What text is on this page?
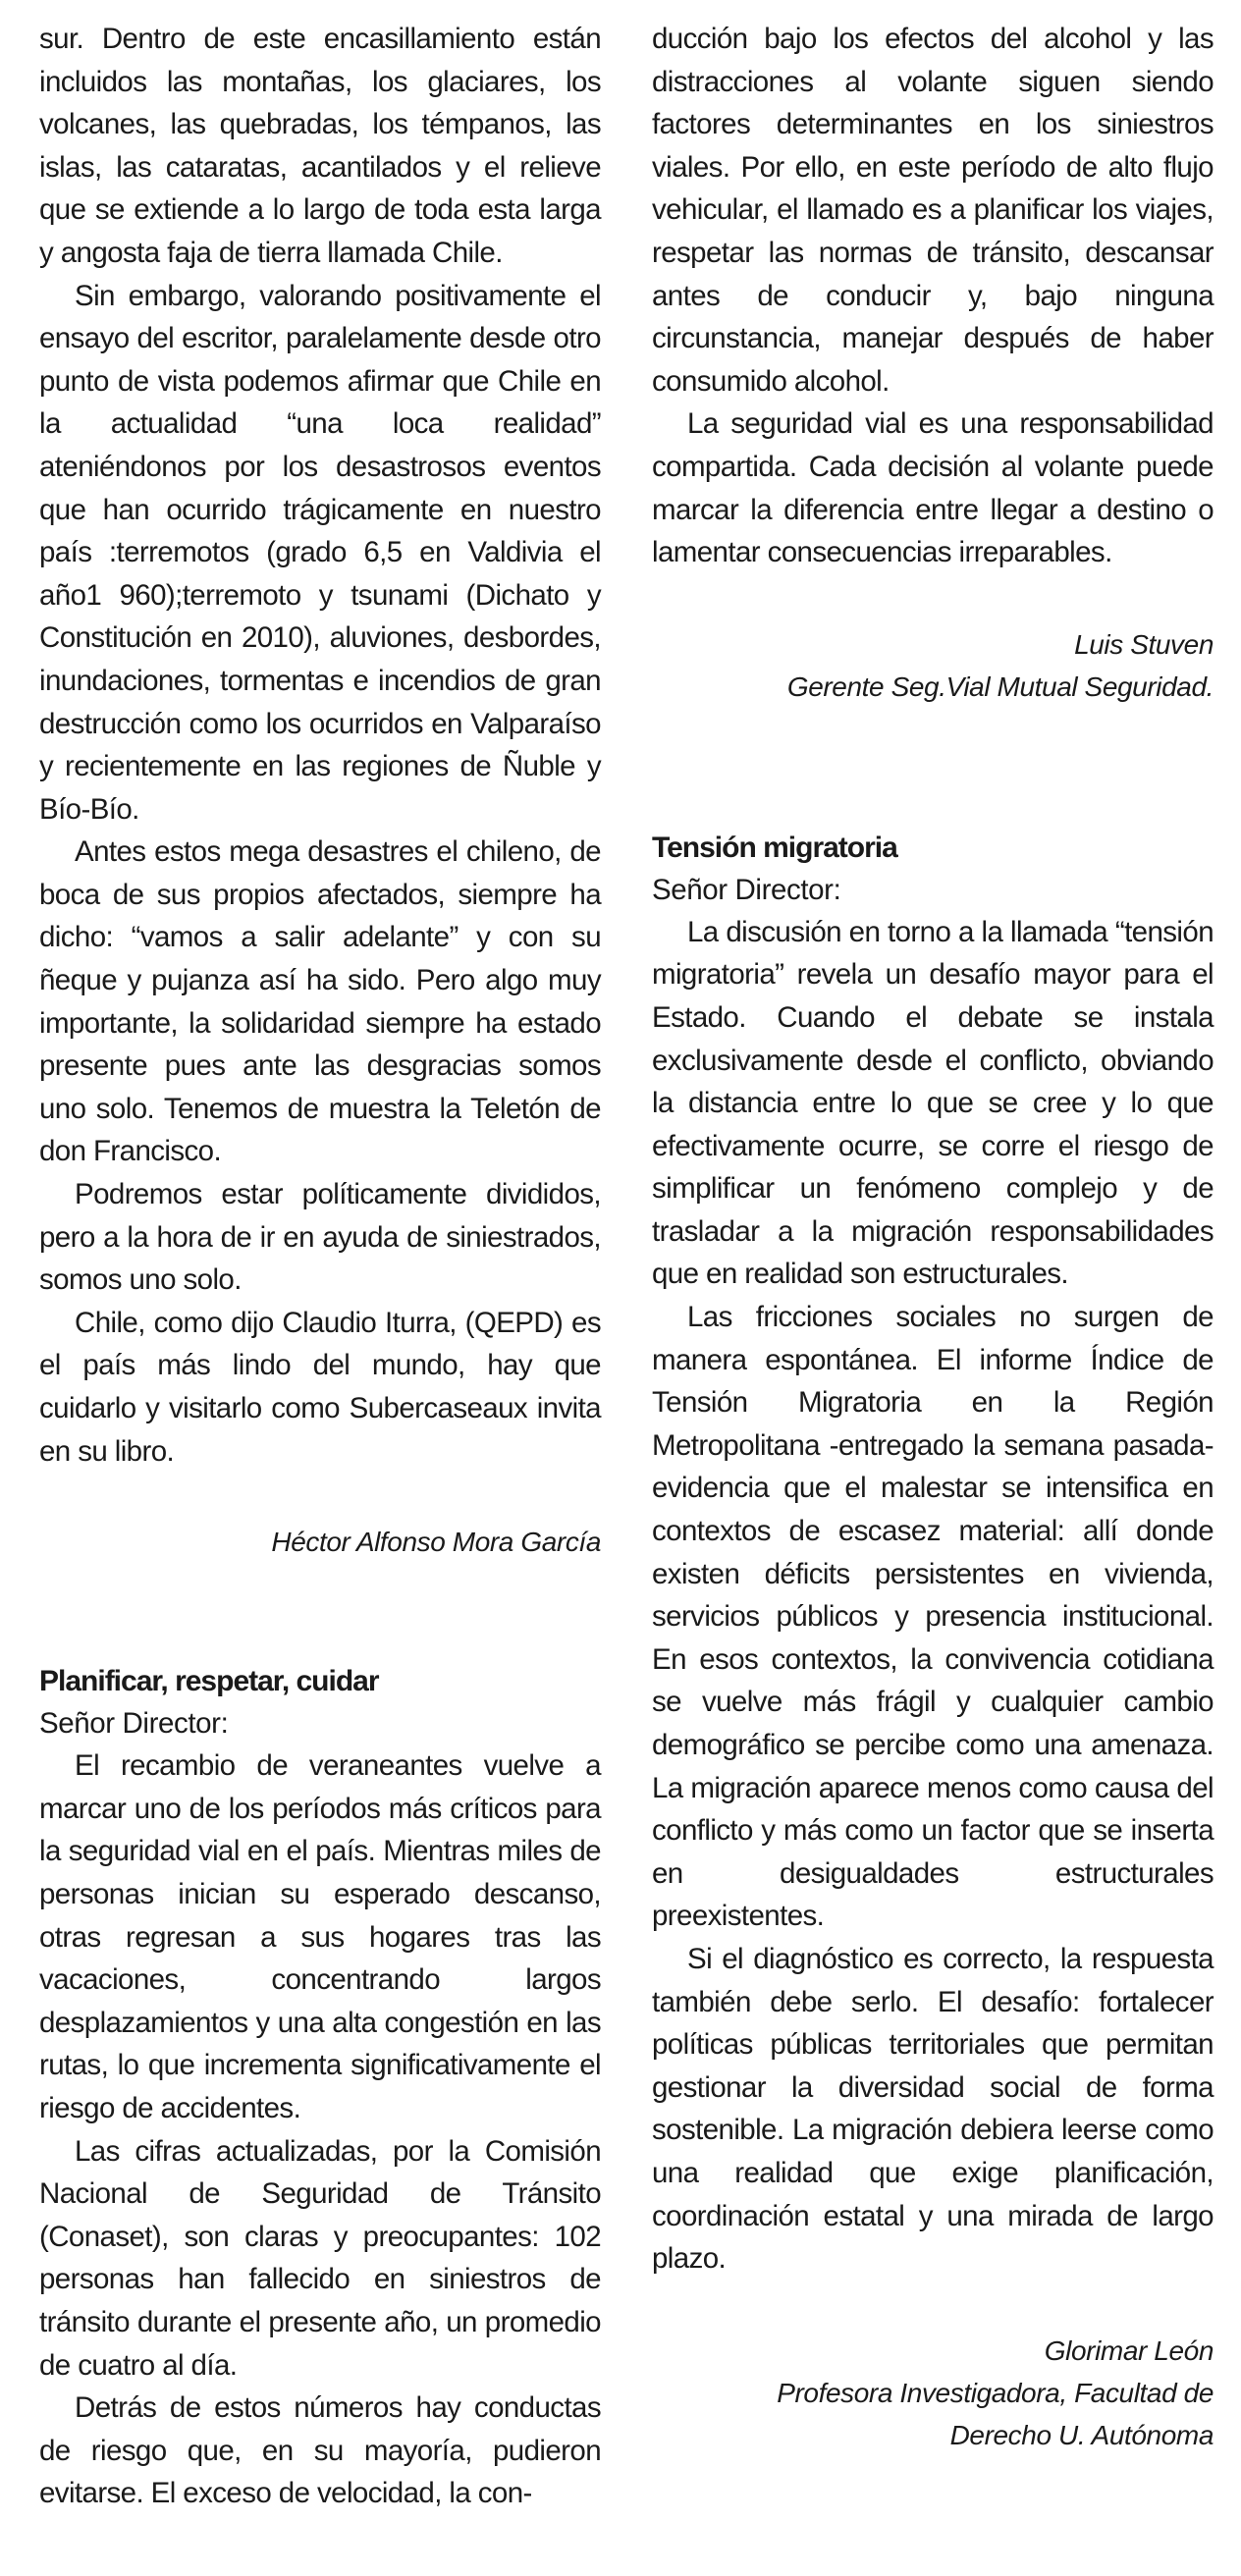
sur. Dentro de este encasillamiento están incluidos las montañas, los glaciares, los volcanes, las quebradas, los témpanos, las islas, las cataratas, acantilados y el relieve que se extiende a lo largo de toda esta larga y angosta faja de tierra llamada Chile.

Sin embargo, valorando positivamente el ensayo del escritor, paralelamente desde otro punto de vista podemos afirmar que Chile en la actualidad “una loca realidad” ateniéndonos por los desastrosos eventos que han ocurrido trágicamente en nuestro país :terremotos (grado 6,5 en Valdivia el año1 960);terremoto y tsunami (Dichato y Constitución en 2010), aluviones, desbordes, inundaciones, tormentas e incendios de gran destrucción como los ocurridos en Valparaíso y recientemente en las regiones de Ñuble y Bío-Bío.

Antes estos mega desastres el chileno, de boca de sus propios afectados, siempre ha dicho: “vamos a salir adelante” y con su ñeque y pujanza así ha sido. Pero algo muy importante, la solidaridad siempre ha estado presente pues ante las desgracias somos uno solo. Tenemos de muestra la Teletón de don Francisco.

Podremos estar políticamente divididos, pero a la hora de ir en ayuda de siniestrados, somos uno solo.

Chile, como dijo Claudio Iturra, (QEPD) es el país más lindo del mundo, hay que cuidarlo y visitarlo como Subercaseaux invita en su libro.

Héctor Alfonso Mora García
Planificar, respetar, cuidar
Señor Director:

El recambio de veraneantes vuelve a marcar uno de los períodos más críticos para la seguridad vial en el país. Mientras miles de personas inician su esperado descanso, otras regresan a sus hogares tras las vacaciones, concentrando largos desplazamientos y una alta congestión en las rutas, lo que incrementa significativamente el riesgo de accidentes.

Las cifras actualizadas, por la Comisión Nacional de Seguridad de Tránsito (Conaset), son claras y preocupantes: 102 personas han fallecido en siniestros de tránsito durante el presente año, un promedio de cuatro al día.

Detrás de estos números hay conductas de riesgo que, en su mayoría, pudieron evitarse. El exceso de velocidad, la con-

ducción bajo los efectos del alcohol y las distracciones al volante siguen siendo factores determinantes en los siniestros viales. Por ello, en este período de alto flujo vehicular, el llamado es a planificar los viajes, respetar las normas de tránsito, descansar antes de conducir y, bajo ninguna circunstancia, manejar después de haber consumido alcohol.

La seguridad vial es una responsabilidad compartida. Cada decisión al volante puede marcar la diferencia entre llegar a destino o lamentar consecuencias irreparables.

Luis Stuven
Gerente Seg.Vial Mutual Seguridad.
Tensión migratoria
Señor Director:

La discusión en torno a la llamada “tensión migratoria” revela un desafío mayor para el Estado. Cuando el debate se instala exclusivamente desde el conflicto, obviando la distancia entre lo que se cree y lo que efectivamente ocurre, se corre el riesgo de simplificar un fenómeno complejo y de trasladar a la migración responsabilidades que en realidad son estructurales.

Las fricciones sociales no surgen de manera espontánea. El informe Índice de Tensión Migratoria en la Región Metropolitana -entregado la semana pasada- evidencia que el malestar se intensifica en contextos de escasez material: allí donde existen déficits persistentes en vivienda, servicios públicos y presencia institucional. En esos contextos, la convivencia cotidiana se vuelve más frágil y cualquier cambio demográfico se percibe como una amenaza. La migración aparece menos como causa del conflicto y más como un factor que se inserta en desigualdades estructurales preexistentes.

Si el diagnóstico es correcto, la respuesta también debe serlo. El desafío: fortalecer políticas públicas territoriales que permitan gestionar la diversidad social de forma sostenible. La migración debiera leerse como una realidad que exige planificación, coordinación estatal y una mirada de largo plazo.

Glorimar León
Profesora Investigadora, Facultad de
Derecho U. Autónoma
